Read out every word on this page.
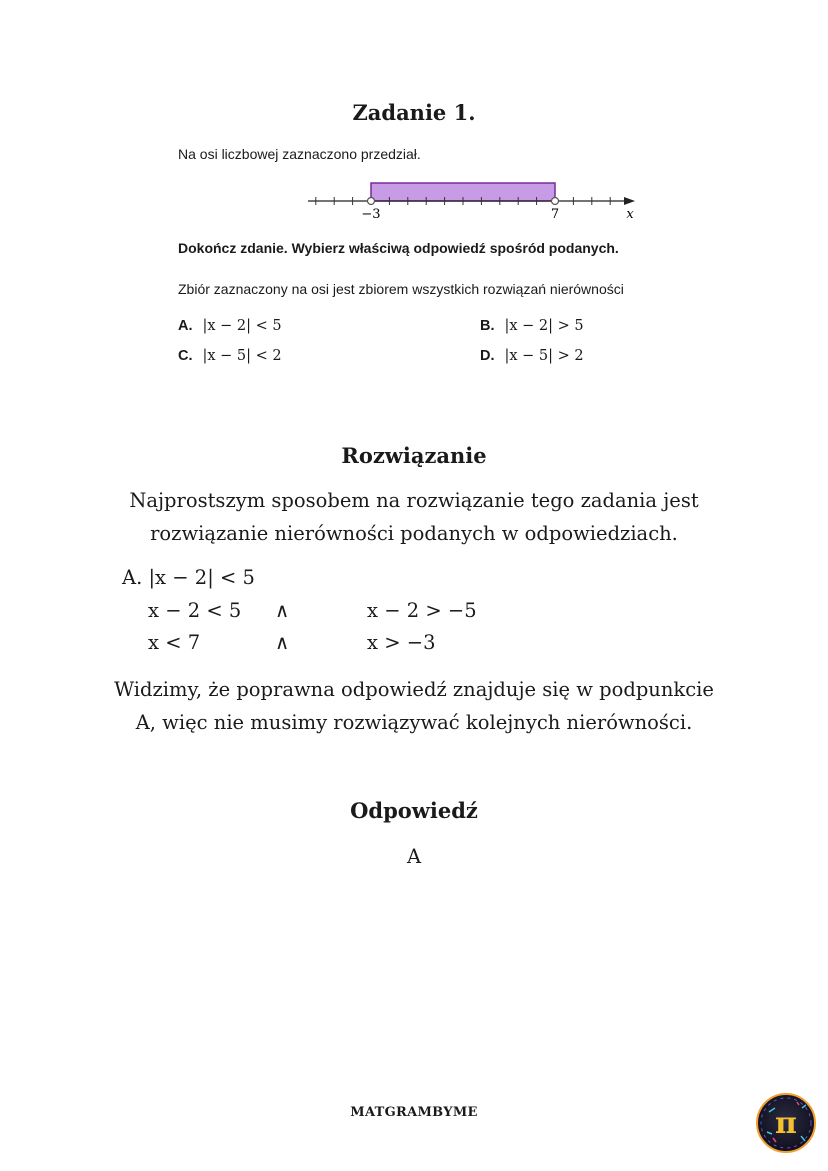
Zadanie 1.
Na osi liczbowej zaznaczono przedział.
−3	7	x
Dokończ zdanie. Wybierz właściwą odpowiedź spośród podanych.
Zbiór zaznaczony na osi jest zbiorem wszystkich rozwiązań nierówności
A. |x − 2| < 5	B. |x − 2| > 5
C. |x − 5| < 2	D. |x − 5| > 2
Rozwiązanie
Najprostszym sposobem na rozwiązanie tego zadania jest
rozwiązanie nierówności podanych w odpowiedziach.
A. |x − 2| < 5
x − 2 < 5 ∧	x − 2 > −5
x < 7	∧	x > −3
Widzimy, że poprawna odpowiedź znajduje się w podpunkcie
A, więc nie musimy rozwiązywać kolejnych nierówności.
Odpowiedź
A
MATGRAMBYME	π
